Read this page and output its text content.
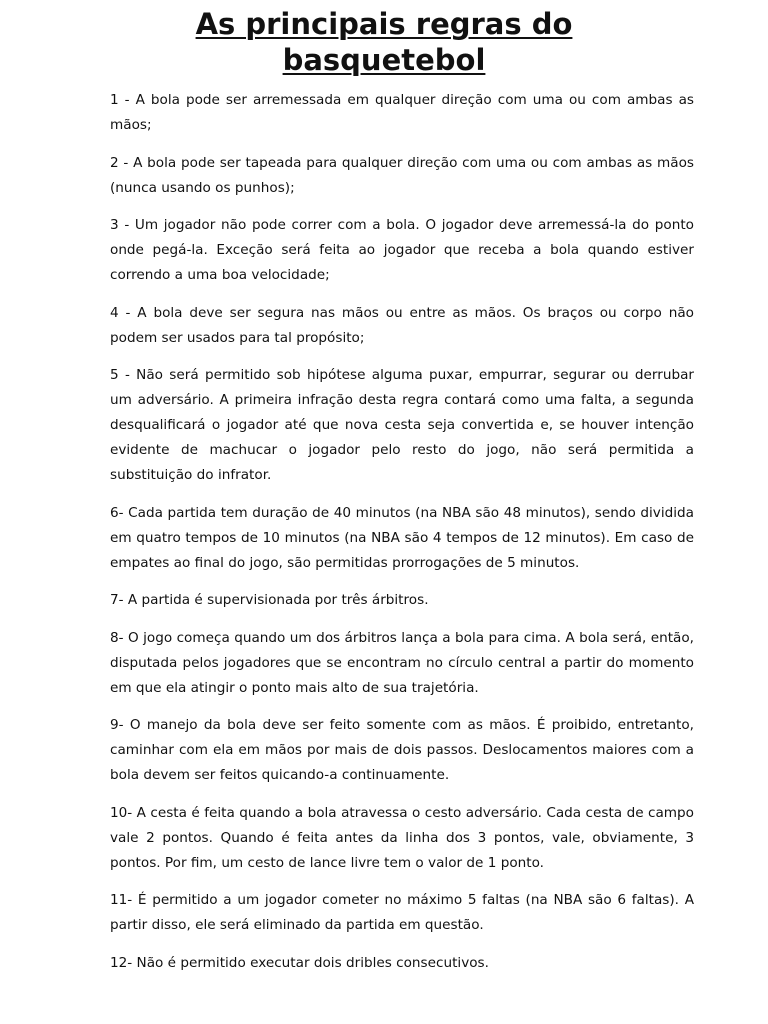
As principais regras do
basquetebol

1 - A bola pode ser arremessada em qualquer direção com uma ou com ambas as mãos;

2 - A bola pode ser tapeada para qualquer direção com uma ou com ambas as mãos (nunca usando os punhos);

3 - Um jogador não pode correr com a bola. O jogador deve arremessá-la do ponto onde pegá-la. Exceção será feita ao jogador que receba a bola quando estiver correndo a uma boa velocidade;

4 - A bola deve ser segura nas mãos ou entre as mãos. Os braços ou corpo não podem ser usados para tal propósito;

5 - Não será permitido sob hipótese alguma puxar, empurrar, segurar ou derrubar um adversário. A primeira infração desta regra contará como uma falta, a segunda desqualificará o jogador até que nova cesta seja convertida e, se houver intenção evidente de machucar o jogador pelo resto do jogo, não será permitida a substituição do infrator.

6- Cada partida tem duração de 40 minutos (na NBA são 48 minutos), sendo dividida em quatro tempos de 10 minutos (na NBA são 4 tempos de 12 minutos). Em caso de empates ao final do jogo, são permitidas prorrogações de 5 minutos.

7- A partida é supervisionada por três árbitros.

8- O jogo começa quando um dos árbitros lança a bola para cima. A bola será, então, disputada pelos jogadores que se encontram no círculo central a partir do momento em que ela atingir o ponto mais alto de sua trajetória.

9- O manejo da bola deve ser feito somente com as mãos. É proibido, entretanto, caminhar com ela em mãos por mais de dois passos. Deslocamentos maiores com a bola devem ser feitos quicando-a continuamente.

10- A cesta é feita quando a bola atravessa o cesto adversário. Cada cesta de campo vale 2 pontos. Quando é feita antes da linha dos 3 pontos, vale, obviamente, 3 pontos. Por fim, um cesto de lance livre tem o valor de 1 ponto.

11- É permitido a um jogador cometer no máximo 5 faltas (na NBA são 6 faltas). A partir disso, ele será eliminado da partida em questão.

12- Não é permitido executar dois dribles consecutivos.
